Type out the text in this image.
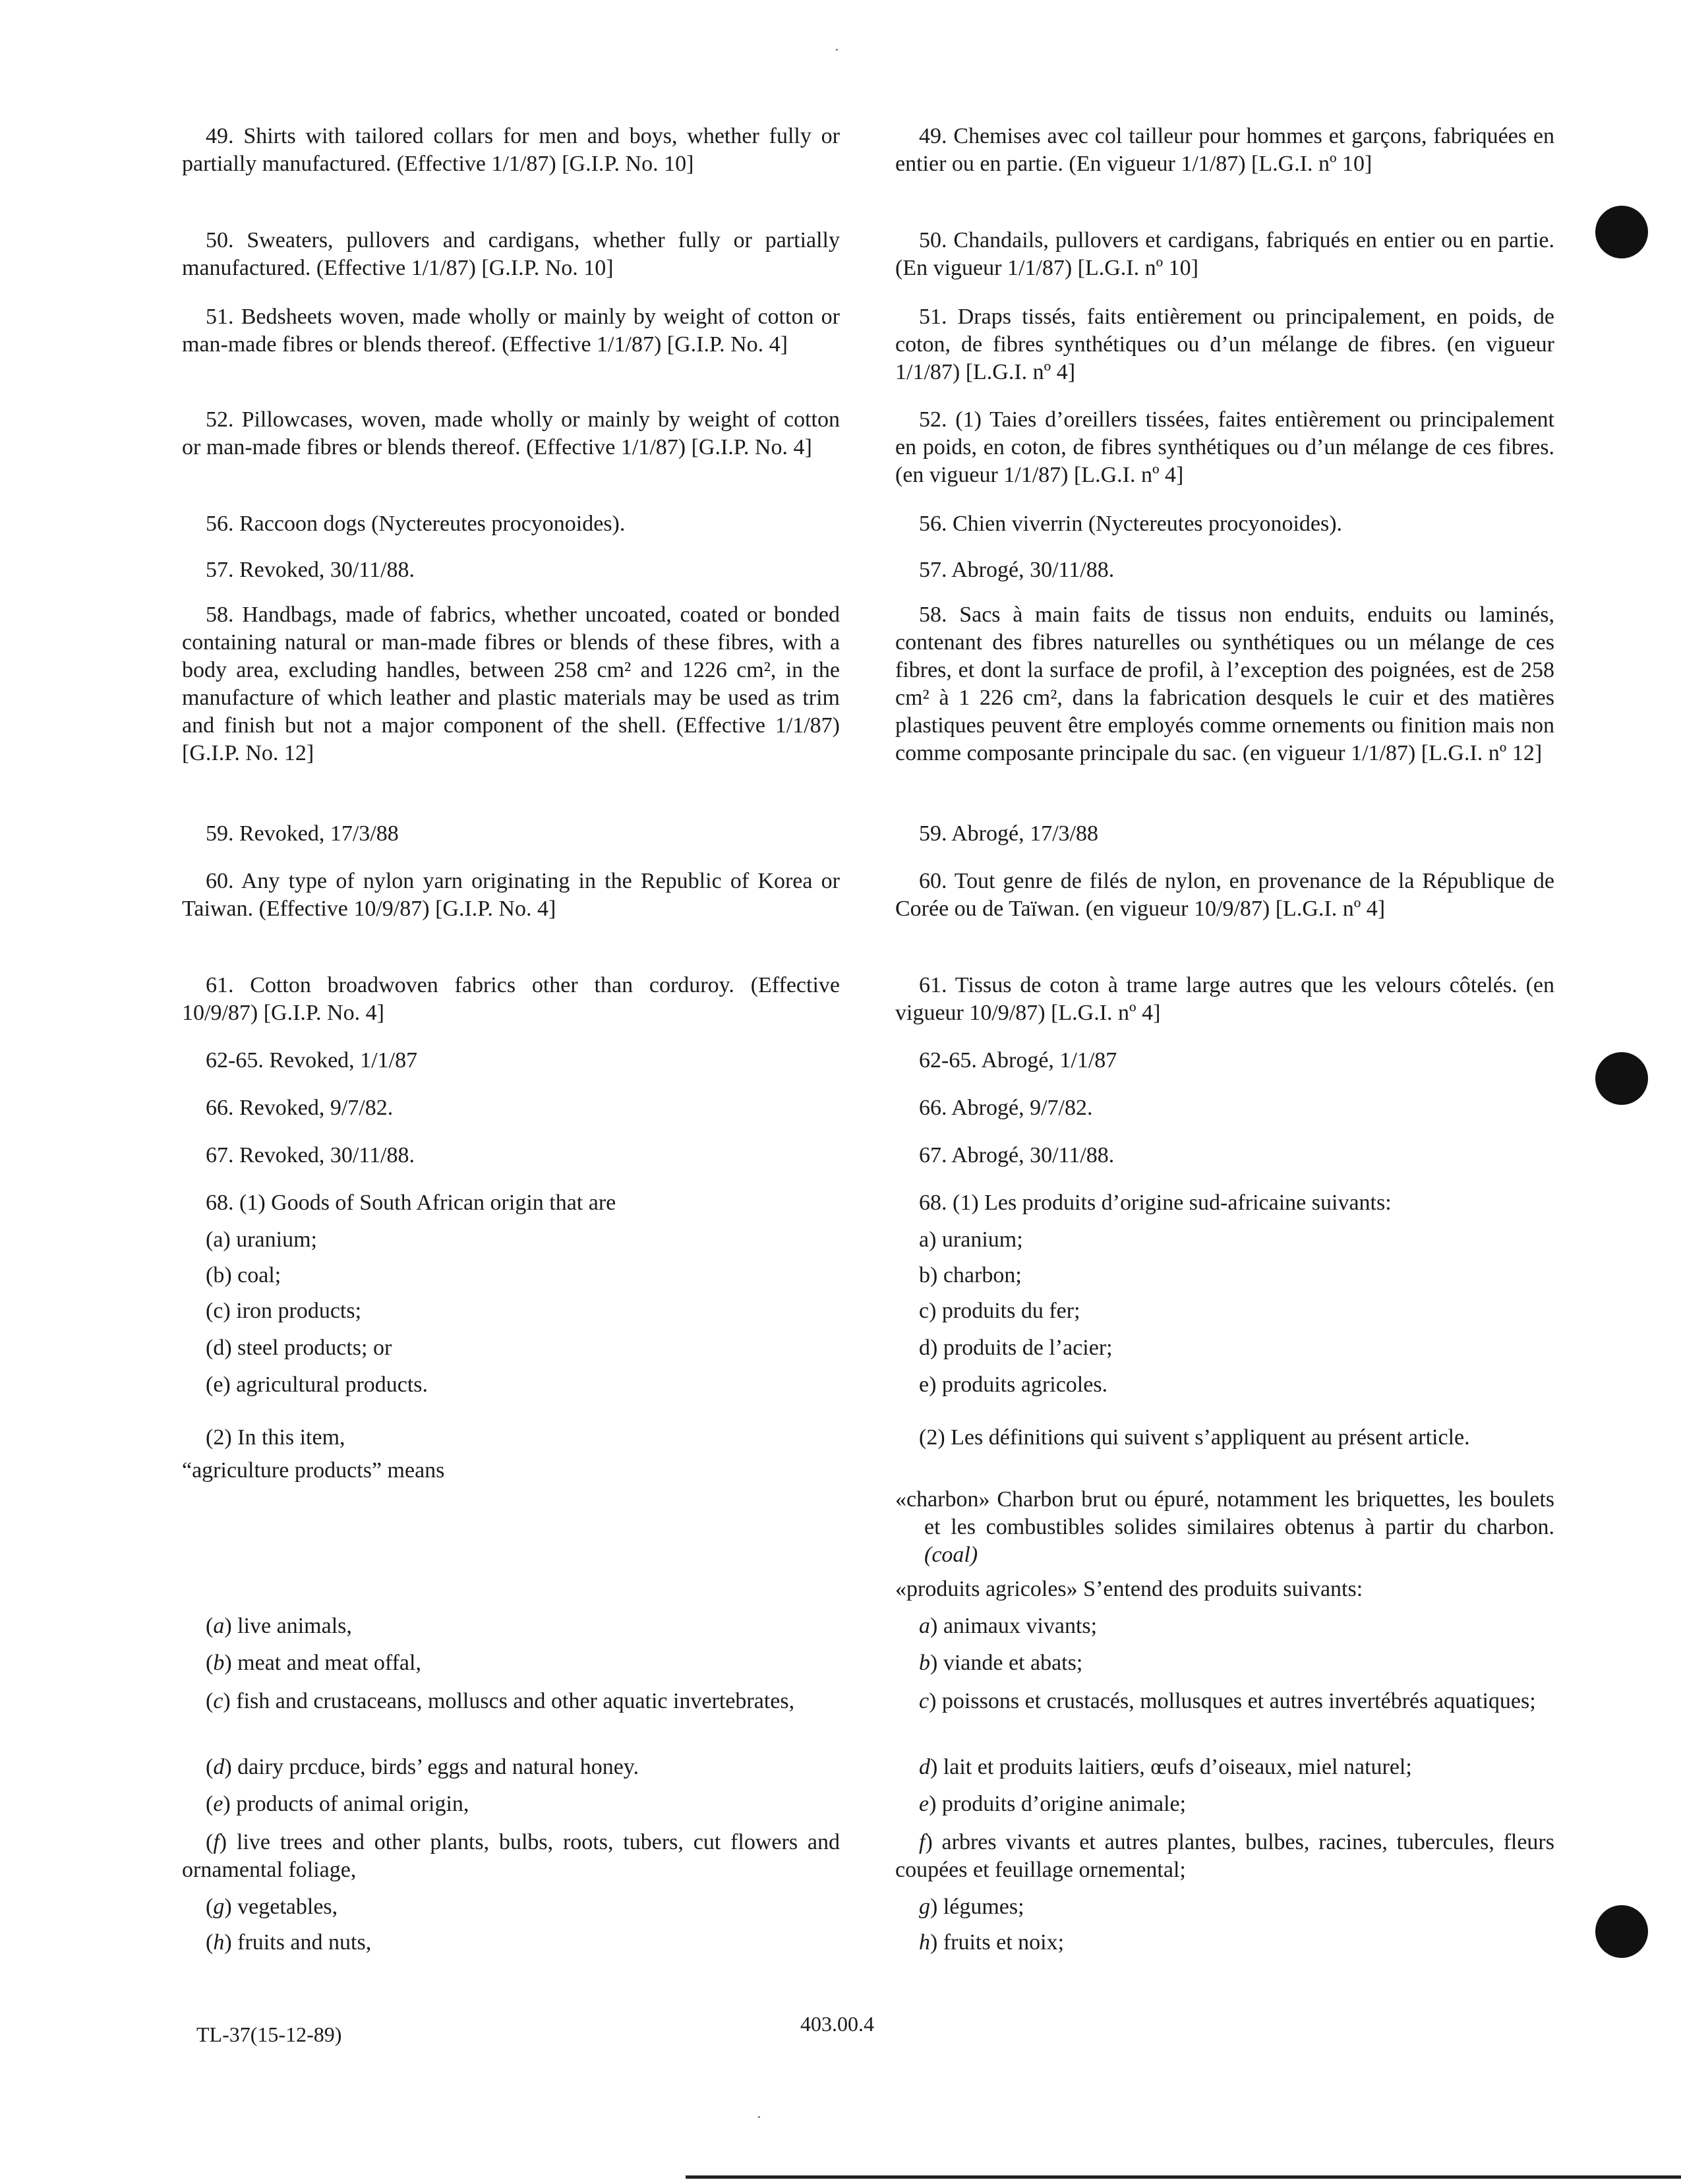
49. Shirts with tailored collars for men and boys, whether fully or partially manufactured. (Effective 1/1/87) [G.I.P. No. 10]

50. Sweaters, pullovers and cardigans, whether fully or partially manufactured. (Effective 1/1/87) [G.I.P. No. 10]

51. Bedsheets woven, made wholly or mainly by weight of cotton or man-made fibres or blends thereof. (Effective 1/1/87) [G.I.P. No. 4]

52. Pillowcases, woven, made wholly or mainly by weight of cotton or man-made fibres or blends thereof. (Effective 1/1/87) [G.I.P. No. 4]

56. Raccoon dogs (Nyctereutes procyonoides).

57. Revoked, 30/11/88.

58. Handbags, made of fabrics, whether uncoated, coated or bonded containing natural or man-made fibres or blends of these fibres, with a body area, excluding handles, between 258 cm² and 1226 cm², in the manufacture of which leather and plastic materials may be used as trim and finish but not a major component of the shell. (Effective 1/1/87) [G.I.P. No. 12]

59. Revoked, 17/3/88

60. Any type of nylon yarn originating in the Republic of Korea or Taiwan. (Effective 10/9/87) [G.I.P. No. 4]

61. Cotton broadwoven fabrics other than corduroy. (Effective 10/9/87) [G.I.P. No. 4]

62-65. Revoked, 1/1/87

66. Revoked, 9/7/82.

67. Revoked, 30/11/88.

68. (1) Goods of South African origin that are

(a) uranium;

(b) coal;

(c) iron products;

(d) steel products; or

(e) agricultural products.

(2) In this item,

“agriculture products” means

(a) live animals,

(b) meat and meat offal,

(c) fish and crustaceans, molluscs and other aquatic invertebrates,

(d) dairy prcduce, birds’ eggs and natural honey.

(e) products of animal origin,

(f) live trees and other plants, bulbs, roots, tubers, cut flowers and ornamental foliage,

(g) vegetables,

(h) fruits and nuts,

49. Chemises avec col tailleur pour hommes et garçons, fabriquées en entier ou en partie. (En vigueur 1/1/87) [L.G.I. nº 10]

50. Chandails, pullovers et cardigans, fabriqués en entier ou en partie. (En vigueur 1/1/87) [L.G.I. nº 10]

51. Draps tissés, faits entièrement ou principalement, en poids, de coton, de fibres synthétiques ou d’un mélange de fibres. (en vigueur 1/1/87) [L.G.I. nº 4]

52. (1) Taies d’oreillers tissées, faites entièrement ou principalement en poids, en coton, de fibres synthétiques ou d’un mélange de ces fibres. (en vigueur 1/1/87) [L.G.I. nº 4]

56. Chien viverrin (Nyctereutes procyonoides).

57. Abrogé, 30/11/88.

58. Sacs à main faits de tissus non enduits, enduits ou laminés, contenant des fibres naturelles ou synthétiques ou un mélange de ces fibres, et dont la surface de profil, à l’exception des poignées, est de 258 cm² à 1 226 cm², dans la fabrication desquels le cuir et des matières plastiques peuvent être employés comme ornements ou finition mais non comme composante principale du sac. (en vigueur 1/1/87) [L.G.I. nº 12]

59. Abrogé, 17/3/88

60. Tout genre de filés de nylon, en provenance de la République de Corée ou de Taïwan. (en vigueur 10/9/87) [L.G.I. nº 4]

61. Tissus de coton à trame large autres que les velours côtelés. (en vigueur 10/9/87) [L.G.I. nº 4]

62-65. Abrogé, 1/1/87

66. Abrogé, 9/7/82.

67. Abrogé, 30/11/88.

68. (1) Les produits d’origine sud-africaine suivants:

a) uranium;

b) charbon;

c) produits du fer;

d) produits de l’acier;

e) produits agricoles.

(2) Les définitions qui suivent s’appliquent au présent article.

«charbon» Charbon brut ou épuré, notamment les briquettes, les boulets et les combustibles solides similaires obtenus à partir du charbon. (coal)

«produits agricoles» S’entend des produits suivants:

a) animaux vivants;

b) viande et abats;

c) poissons et crustacés, mollusques et autres invertébrés aquatiques;

d) lait et produits laitiers, œufs d’oiseaux, miel naturel;

e) produits d’origine animale;

f) arbres vivants et autres plantes, bulbes, racines, tubercules, fleurs coupées et feuillage ornemental;

g) légumes;

h) fruits et noix;

TL-37(15-12-89)	403.00.4
